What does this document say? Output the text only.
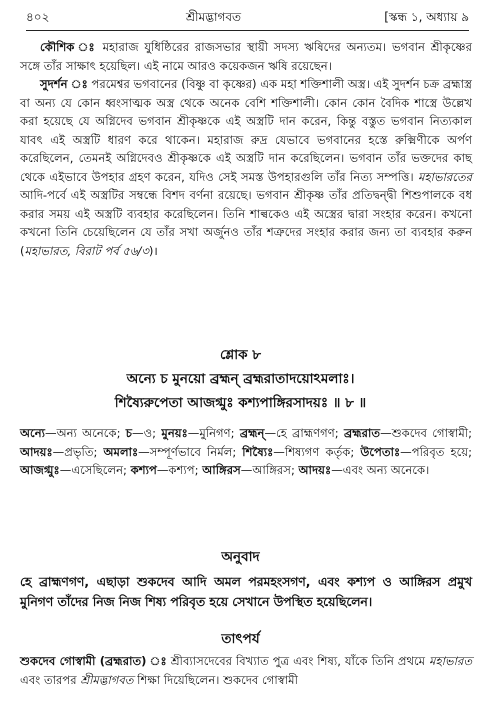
৪০২	শ্রীমদ্ভাগবত	[স্কন্ধ ১, অধ্যায় ৯

কৌশিক ঃ মহারাজ যুধিষ্ঠিরের রাজসভার স্থায়ী সদস্য ঋষিদের অন্যতম। ভগবান শ্রীকৃষ্ণের সঙ্গে তাঁর সাক্ষাৎ হয়েছিল। এই নামে আরও কয়েকজন ঋষি রয়েছেন।

সুদর্শন ঃ পরমেশ্বর ভগবানের (বিষ্ণু বা কৃষ্ণের) এক মহা শক্তিশালী অস্ত্র। এই সুদর্শন চক্র ব্রহ্মাস্ত্র বা অন্য যে কোন ধ্বংসাত্মক অস্ত্র থেকে অনেক বেশি শক্তিশালী। কোন কোন বৈদিক শাস্ত্রে উল্লেখ করা হয়েছে যে অগ্নিদেব ভগবান শ্রীকৃষ্ণকে এই অস্ত্রটি দান করেন, কিন্তু বস্তুত ভগবান নিত্যকাল যাবৎ এই অস্ত্রটি ধারণ করে থাকেন। মহারাজ রুদ্র যেভাবে ভগবানের হস্তে রুক্মিণীকে অর্পণ করেছিলেন, তেমনই অগ্নিদেবও শ্রীকৃষ্ণকে এই অস্ত্রটি দান করেছিলেন। ভগবান তাঁর ভক্তদের কাছ থেকে এইভাবে উপহার গ্রহণ করেন, যদিও সেই সমস্ত উপহারগুলি তাঁর নিত্য সম্পত্তি। মহাভারতের আদি-পর্বে এই অস্ত্রটির সম্বন্ধে বিশদ বর্ণনা রয়েছে। ভগবান শ্রীকৃষ্ণ তাঁর প্রতিদ্বন্দ্বী শিশুপালকে বধ করার সময় এই অস্ত্রটি ব্যবহার করেছিলেন। তিনি শাল্বকেও এই অস্ত্রের দ্বারা সংহার করেন। কখনো কখনো তিনি চেয়েছিলেন যে তাঁর সখা অর্জুনও তাঁর শত্রুদের সংহার করার জন্য তা ব্যবহার করুন (মহাভারত, বিরাট পর্ব ৫৬/৩)।

শ্লোক ৮
অন্যে চ মুনয়ো ব্রহ্মন্ ব্রহ্মরাতাদয়োঽমলাঃ।
শিষ্যৈরুপেতা আজগ্মুঃ কশ্যপাঙ্গিরসাদয়ঃ ॥ ৮ ॥

অন্যে—অন্য অনেকে; চ—ও; মুনয়ঃ—মুনিগণ; ব্রহ্মন্—হে ব্রাহ্মণগণ; ব্রহ্মরাত—শুকদেব গোস্বামী; আদয়ঃ—প্রভৃতি; অমলাঃ—সম্পূর্ণভাবে নির্মল; শিষ্যৈঃ—শিষ্যগণ কর্তৃক; উপেতাঃ—পরিবৃত হয়ে; আজগ্মুঃ—এসেছিলেন; কশ্যপ—কশ্যপ; আঙ্গিরস—আঙ্গিরস; আদয়ঃ—এবং অন্য অনেকে।

অনুবাদ

হে ব্রাহ্মণগণ, এছাড়া শুকদেব আদি অমল পরমহংসগণ, এবং কশ্যপ ও আঙ্গিরস প্রমুখ মুনিগণ তাঁদের নিজ নিজ শিষ্য পরিবৃত হয়ে সেখানে উপস্থিত হয়েছিলেন।

তাৎপর্য

শুকদেব গোস্বামী (ব্রহ্মরাত) ঃ শ্রীব্যাসদেবের বিখ্যাত পুত্র এবং শিষ্য, যাঁকে তিনি প্রথমে মহাভারত এবং তারপর শ্রীমদ্ভাগবত শিক্ষা দিয়েছিলেন। শুকদেব গোস্বামী
